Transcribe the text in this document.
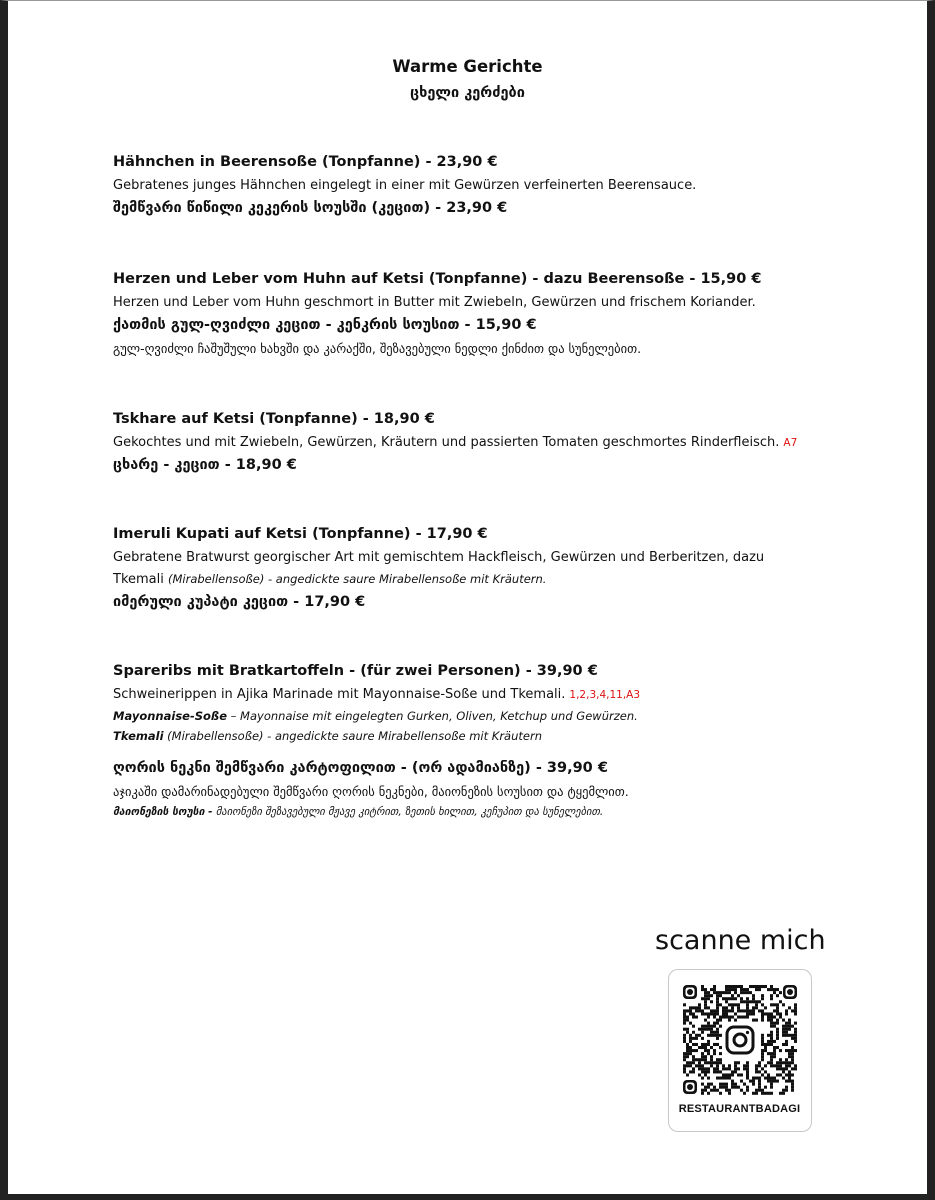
Warme Gerichte
ცხელი კერძები
Hähnchen in Beerensoße (Tonpfanne) - 23,90 €
Gebratenes junges Hähnchen eingelegt in einer mit Gewürzen verfeinerten Beerensauce.
შემწვარი წიწილი კეკერის სოუსში (კეცით) - 23,90 €
Herzen und Leber vom Huhn auf Ketsi (Tonpfanne) - dazu Beerensoße - 15,90 €
Herzen und Leber vom Huhn geschmort in Butter mit Zwiebeln, Gewürzen und frischem Koriander.
ქათმის გულ-ღვიძლი კეცით - კენკრის სოუსით - 15,90 €
გულ-ღვიძლი ჩაშუშული ხახვში და კარაქში, შეზავებული ნედლი ქინძით და სუნელებით.
Tskhare auf Ketsi (Tonpfanne) - 18,90 €
Gekochtes und mit Zwiebeln, Gewürzen, Kräutern und passierten Tomaten geschmortes Rinderfleisch. A7
ცხარე - კეცით - 18,90 €
Imeruli Kupati auf Ketsi (Tonpfanne) - 17,90 €
Gebratene Bratwurst georgischer Art mit gemischtem Hackfleisch, Gewürzen und Berberitzen, dazu
Tkemali (Mirabellensoße) - angedickte saure Mirabellensoße mit Kräutern.
იმერული კუპატი კეცით - 17,90 €
Spareribs mit Bratkartoffeln - (für zwei Personen) - 39,90 €
Schweinerippen in Ajika Marinade mit Mayonnaise-Soße und Tkemali. 1,2,3,4,11,A3
Mayonnaise-Soße – Mayonnaise mit eingelegten Gurken, Oliven, Ketchup und Gewürzen.
Tkemali (Mirabellensoße) - angedickte saure Mirabellensoße mit Kräutern
ღორის ნეკნი შემწვარი კარტოფილით - (ორ ადამიანზე) - 39,90 €
აჯიკაში დამარინადებული შემწვარი ღორის ნეკნები, მაიონეზის სოუსით და ტყემლით.
მაიონეზის სოუსი - მაიონეზი შეზავებული მჟავე კიტრით, ზეთის ხილით, კეჩუპით და სუნელებით.
scanne mich
RESTAURANTBADAGI
